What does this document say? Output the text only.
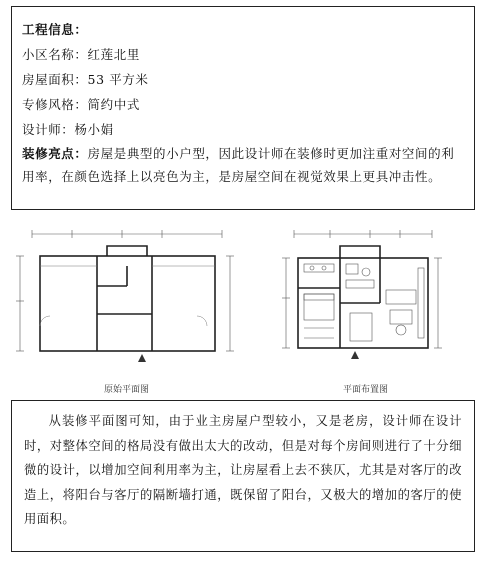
工程信息：
小区名称：红莲北里
房屋面积：53 平方米
专修风格：简约中式
设计师：杨小娟
装修亮点：房屋是典型的小户型，因此设计师在装修时更加注重对空间的利用率，在颜色选择上以亮色为主，是房屋空间在视觉效果上更具冲击性。
原始平面图	平面布置图
从装修平面图可知，由于业主房屋户型较小，又是老房，设计师在设计时，对整体空间的格局没有做出太大的改动，但是对每个房间则进行了十分细微的设计，以增加空间利用率为主，让房屋看上去不狭仄，尤其是对客厅的改造上，将阳台与客厅的隔断墙打通，既保留了阳台，又极大的增加的客厅的使用面积。
